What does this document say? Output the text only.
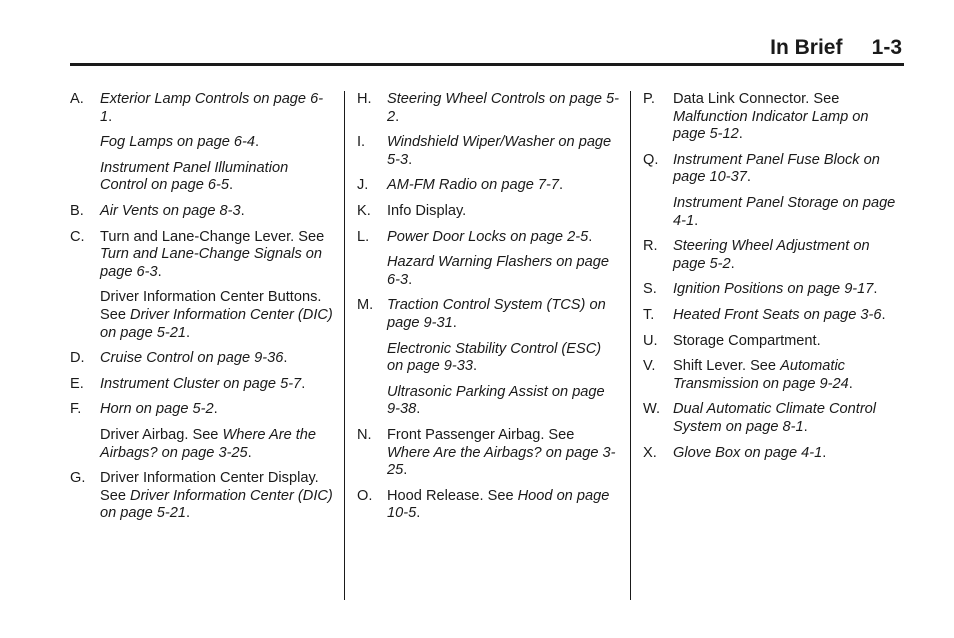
In Brief 1-3
A.	Exterior Lamp Controls on page 6-1.
Fog Lamps on page 6-4.
Instrument Panel Illumination Control on page 6-5.
B.	Air Vents on page 8-3.
C.	Turn and Lane-Change Lever. See Turn and Lane-Change Signals on page 6-3.
Driver Information Center Buttons. See Driver Information Center (DIC) on page 5-21.
D.	Cruise Control on page 9-36.
E.	Instrument Cluster on page 5-7.
F.	Horn on page 5-2.
Driver Airbag. See Where Are the Airbags? on page 3-25.
G. Driver Information Center Display. See Driver Information Center (DIC) on page 5-21.
H.	Steering Wheel Controls on page 5-2.
I.	Windshield Wiper/Washer on page 5-3.
J.	AM-FM Radio on page 7-7.
K.	Info Display.
L.	Power Door Locks on page 2-5.
Hazard Warning Flashers on page 6-3.
M. Traction Control System (TCS) on page 9-31.
Electronic Stability Control (ESC) on page 9-33.
Ultrasonic Parking Assist on page 9-38.
N.	Front Passenger Airbag. See Where Are the Airbags? on page 3-25.
O. Hood Release. See Hood on page 10-5.
P.	Data Link Connector. See Malfunction Indicator Lamp on page 5-12.
Q. Instrument Panel Fuse Block on page 10-37.
Instrument Panel Storage on page 4-1.
R.	Steering Wheel Adjustment on page 5-2.
S.	Ignition Positions on page 9-17.
T.	Heated Front Seats on page 3-6.
U.	Storage Compartment.
V.	Shift Lever. See Automatic Transmission on page 9-24.
W. Dual Automatic Climate Control System on page 8-1.
X.	Glove Box on page 4-1.
